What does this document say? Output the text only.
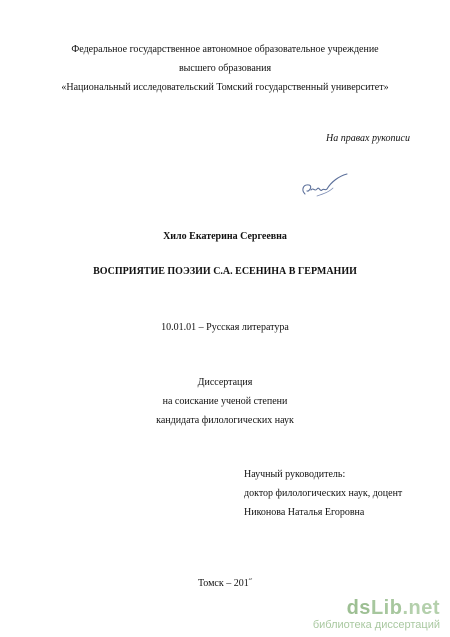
Федеральное государственное автономное образовательное учреждение
высшего образования
«Национальный исследовательский Томский государственный университет»
На правах рукописи
Хило Екатерина Сергеевна
ВОСПРИЯТИЕ ПОЭЗИИ С.А. ЕСЕНИНА В ГЕРМАНИИ
10.01.01 – Русская литература
Диссертация
на соискание ученой степени
кандидата филологических наук
Научный руководитель:
доктор филологических наук, доцент
Никонова Наталья Егоровна
Томск – 201˝
dsLib.net
библиотека диссертаций
